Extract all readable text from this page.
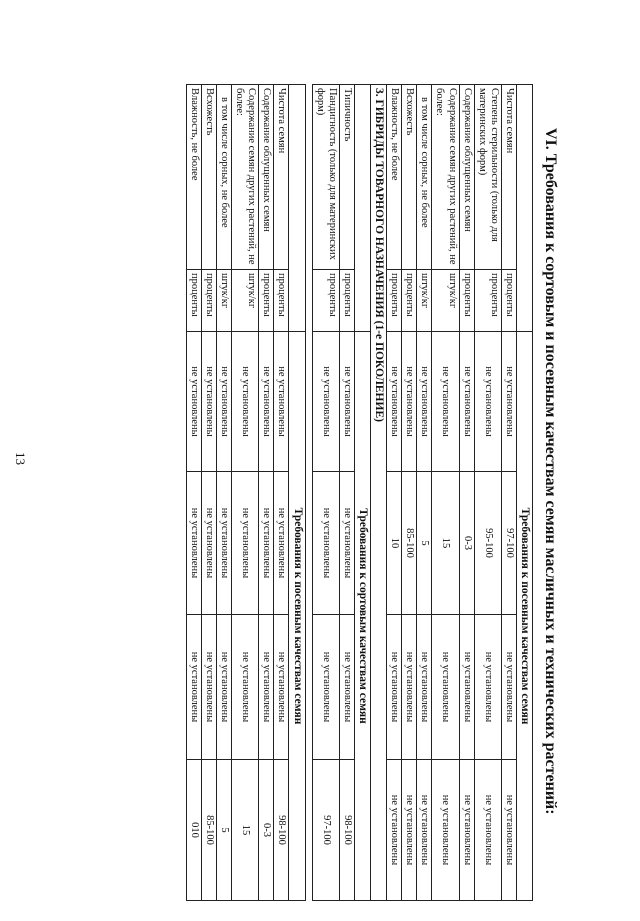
13
		Требования к посевным качествам семян			
Чистота семян	проценты	не установлены	97-100	не установлены	не установлены
Степень стерильности (только для материнских форм)	проценты	не установлены	95-100	не установлены	не установлены
Содержание облущенных семян	проценты	не установлены	0-3	не установлены	не установлены
Содержание семян других растений, не более:	штук/кг	не установлены	15	не установлены	не установлены
в том числе сорных, не более	штук/кг	не установлены	5	не установлены	не установлены
Всхожесть	проценты	не установлены	85-100	не установлены	не установлены
Влажность, не более	проценты	не установлены	10	не установлены	не установлены
3. ГИБРИДЫ ТОВАРНОГО НАЗНАЧЕНИЯ (1-е ПОКОЛЕНИЕ)					
		Требования к сортовым качествам семян			
Типичность	проценты	не установлены	не установлены	не установлены	98-100
Пандигность (только для материнских форм)	проценты	не установлены	не установлены	не установлены	97-100

		Требования к посевным качествам семян			
Чистота семян	проценты	не установлены	не установлены	не установлены	98-100
Содержание облущенных семян	проценты	не установлены	не установлены	не установлены	0-3
Содержание семян других растений, не более:	штук/кг	не установлены	не установлены	не установлены	15
в том числе сорных, не более	штук/кг	не установлены	не установлены	не установлены	5
Всхожесть	проценты	не установлены	не установлены	не установлены	85-100
Влажность, не более	проценты	не установлены	не установлены	не установлены	010
VI. Требования к сортовым и посевным качествам семян масличных и технических растений:
